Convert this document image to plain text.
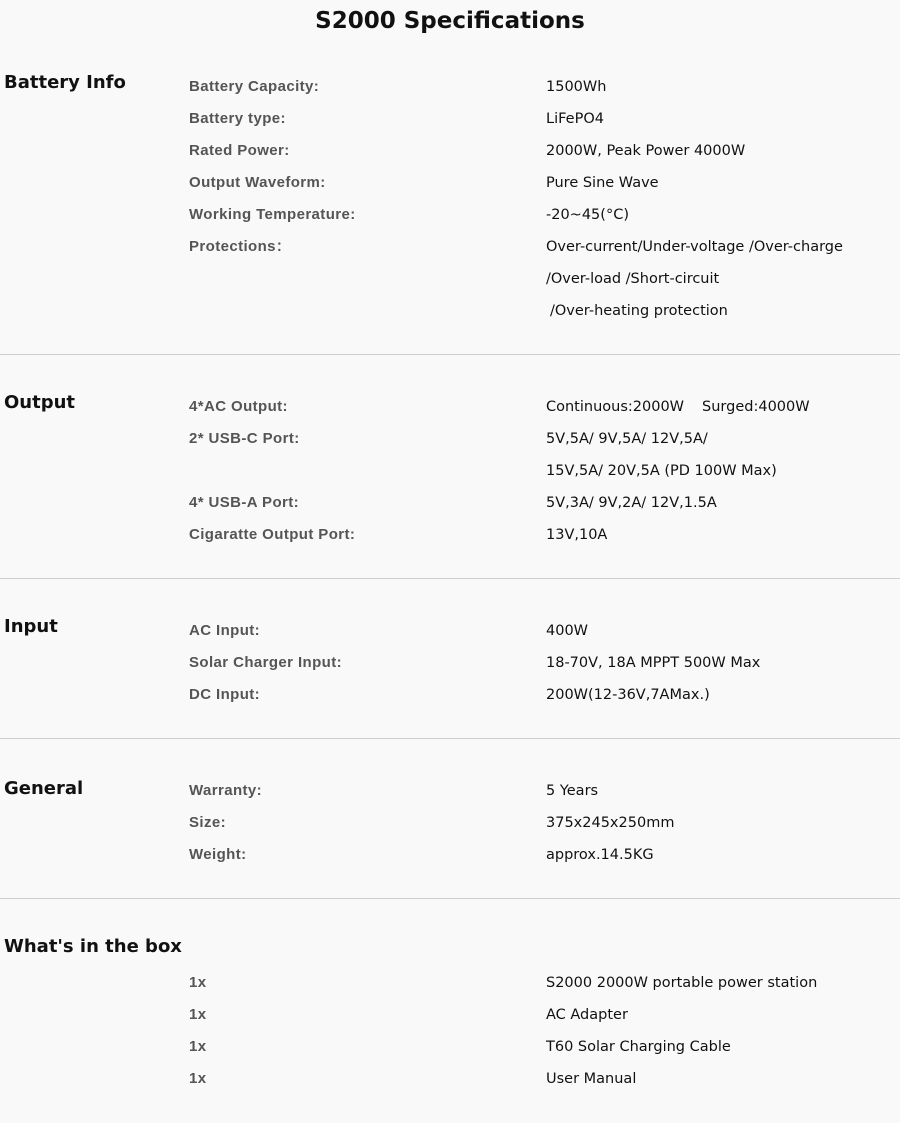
S2000 Specifications
Battery Info	Battery Capacity:	1500Wh
Battery type:	LiFePO4
Rated Power:	2000W, Peak Power 4000W
Output Waveform:	Pure Sine Wave
Working Temperature:	-20~45(°C)
Protections：	Over-current/Under-voltage /Over-charge
/Over-load /Short-circuit
/Over-heating protection
Output	4*AC Output:	Continuous:2000W Surged:4000W
2* USB-C Port:	5V,5A/ 9V,5A/ 12V,5A/
15V,5A/ 20V,5A (PD 100W Max)
4* USB-A Port:	5V,3A/ 9V,2A/ 12V,1.5A
Cigaratte Output Port:	13V,10A
Input	AC Input:	400W
Solar Charger Input:	18-70V, 18A MPPT 500W Max
DC Input:	200W(12-36V,7AMax.)
General	Warranty:	5 Years
Size:	375x245x250mm
Weight:	approx.14.5KG
What's in the box
1x	S2000 2000W portable power station
1x	AC Adapter
1x	T60 Solar Charging Cable
1x	User Manual
